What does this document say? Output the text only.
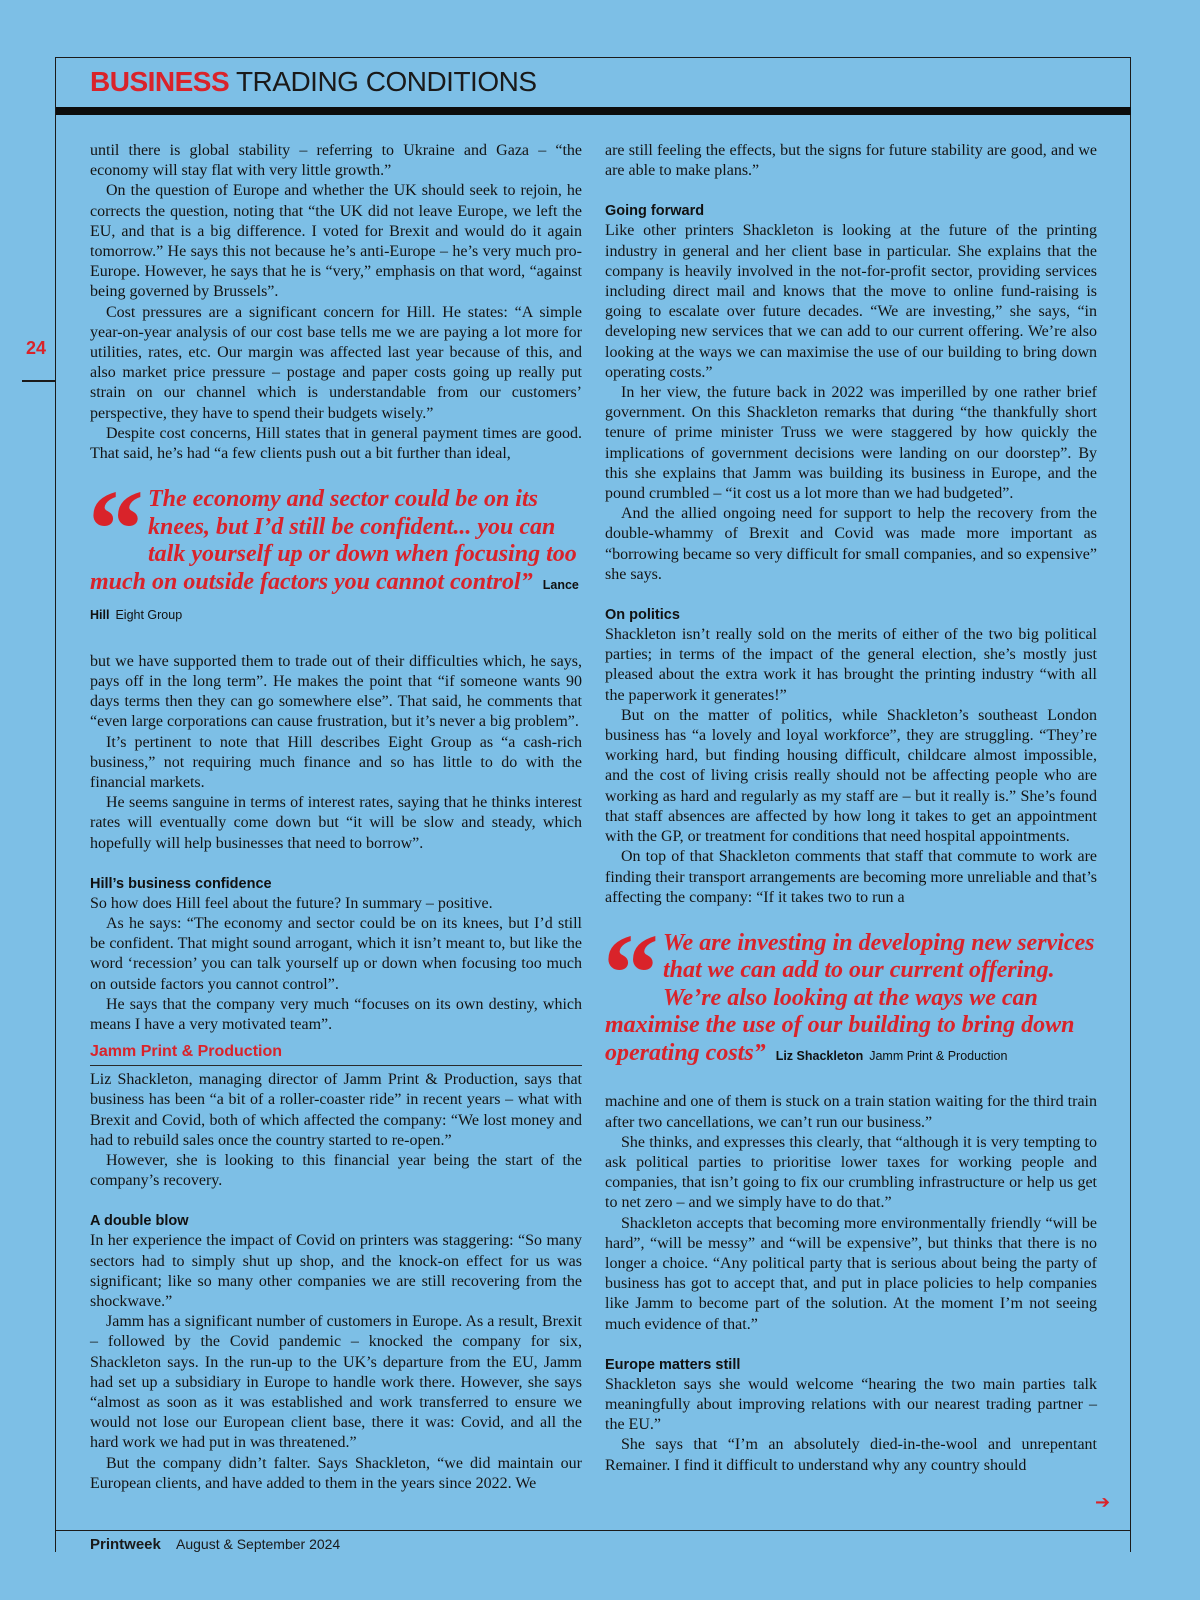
BUSINESS TRADING CONDITIONS
24

until there is global stability – referring to Ukraine and Gaza – “the economy will stay flat with very little growth.”

On the question of Europe and whether the UK should seek to rejoin, he corrects the question, noting that “the UK did not leave Europe, we left the EU, and that is a big difference. I voted for Brexit and would do it again tomorrow.” He says this not because he’s anti-Europe – he’s very much pro-Europe. However, he says that he is “very,” emphasis on that word, “against being governed by Brussels”.

Cost pressures are a significant concern for Hill. He states: “A simple year-on-year analysis of our cost base tells me we are paying a lot more for utilities, rates, etc. Our margin was affected last year because of this, and also market price pressure – postage and paper costs going up really put strain on our channel which is understandable from our customers’ perspective, they have to spend their budgets wisely.”

Despite cost concerns, Hill states that in general payment times are good. That said, he’s had “a few clients push out a bit further than ideal,

“ The economy and sector could be on its knees, but I’d still be confident... you can talk yourself up or down when focusing too much on outside factors you cannot control” Lance Hill Eight Group

but we have supported them to trade out of their difficulties which, he says, pays off in the long term”. He makes the point that “if someone wants 90 days terms then they can go somewhere else”. That said, he comments that “even large corporations can cause frustration, but it’s never a big problem”.

It’s pertinent to note that Hill describes Eight Group as “a cash-rich business,” not requiring much finance and so has little to do with the financial markets.

He seems sanguine in terms of interest rates, saying that he thinks interest rates will eventually come down but “it will be slow and steady, which hopefully will help businesses that need to borrow”.

Hill’s business confidence

So how does Hill feel about the future? In summary – positive.

As he says: “The economy and sector could be on its knees, but I’d still be confident. That might sound arrogant, which it isn’t meant to, but like the word ‘recession’ you can talk yourself up or down when focusing too much on outside factors you cannot control”.

He says that the company very much “focuses on its own destiny, which means I have a very motivated team”.

Jamm Print & Production

Liz Shackleton, managing director of Jamm Print & Production, says that business has been “a bit of a roller-coaster ride” in recent years – what with Brexit and Covid, both of which affected the company: “We lost money and had to rebuild sales once the country started to re-open.”

However, she is looking to this financial year being the start of the company’s recovery.

A double blow

In her experience the impact of Covid on printers was staggering: “So many sectors had to simply shut up shop, and the knock-on effect for us was significant; like so many other companies we are still recovering from the shockwave.”

Jamm has a significant number of customers in Europe. As a result, Brexit – followed by the Covid pandemic – knocked the company for six, Shackleton says. In the run-up to the UK’s departure from the EU, Jamm had set up a subsidiary in Europe to handle work there. However, she says “almost as soon as it was established and work transferred to ensure we would not lose our European client base, there it was: Covid, and all the hard work we had put in was threatened.”

But the company didn’t falter. Says Shackleton, “we did maintain our European clients, and have added to them in the years since 2022. We

are still feeling the effects, but the signs for future stability are good, and we are able to make plans.”

Going forward

Like other printers Shackleton is looking at the future of the printing industry in general and her client base in particular. She explains that the company is heavily involved in the not-for-profit sector, providing services including direct mail and knows that the move to online fund-raising is going to escalate over future decades. “We are investing,” she says, “in developing new services that we can add to our current offering. We’re also looking at the ways we can maximise the use of our building to bring down operating costs.”

In her view, the future back in 2022 was imperilled by one rather brief government. On this Shackleton remarks that during “the thankfully short tenure of prime minister Truss we were staggered by how quickly the implications of government decisions were landing on our doorstep”. By this she explains that Jamm was building its business in Europe, and the pound crumbled – “it cost us a lot more than we had budgeted”.

And the allied ongoing need for support to help the recovery from the double-whammy of Brexit and Covid was made more important as “borrowing became so very difficult for small companies, and so expensive” she says.

On politics

Shackleton isn’t really sold on the merits of either of the two big political parties; in terms of the impact of the general election, she’s mostly just pleased about the extra work it has brought the printing industry “with all the paperwork it generates!”

But on the matter of politics, while Shackleton’s southeast London business has “a lovely and loyal workforce”, they are struggling. “They’re working hard, but finding housing difficult, childcare almost impossible, and the cost of living crisis really should not be affecting people who are working as hard and regularly as my staff are – but it really is.” She’s found that staff absences are affected by how long it takes to get an appointment with the GP, or treatment for conditions that need hospital appointments.

On top of that Shackleton comments that staff that commute to work are finding their transport arrangements are becoming more unreliable and that’s affecting the company: “If it takes two to run a

“ We are investing in developing new services that we can add to our current offering. We’re also looking at the ways we can maximise the use of our building to bring down operating costs” Liz Shackleton Jamm Print & Production

machine and one of them is stuck on a train station waiting for the third train after two cancellations, we can’t run our business.”

She thinks, and expresses this clearly, that “although it is very tempting to ask political parties to prioritise lower taxes for working people and companies, that isn’t going to fix our crumbling infrastructure or help us get to net zero – and we simply have to do that.”

Shackleton accepts that becoming more environmentally friendly “will be hard”, “will be messy” and “will be expensive”, but thinks that there is no longer a choice. “Any political party that is serious about being the party of business has got to accept that, and put in place policies to help companies like Jamm to become part of the solution. At the moment I’m not seeing much evidence of that.”

Europe matters still

Shackleton says she would welcome “hearing the two main parties talk meaningfully about improving relations with our nearest trading partner – the EU.”

She says that “I’m an absolutely died-in-the-wool and unrepentant Remainer. I find it difficult to understand why any country should

➔
Printweek August & September 2024
